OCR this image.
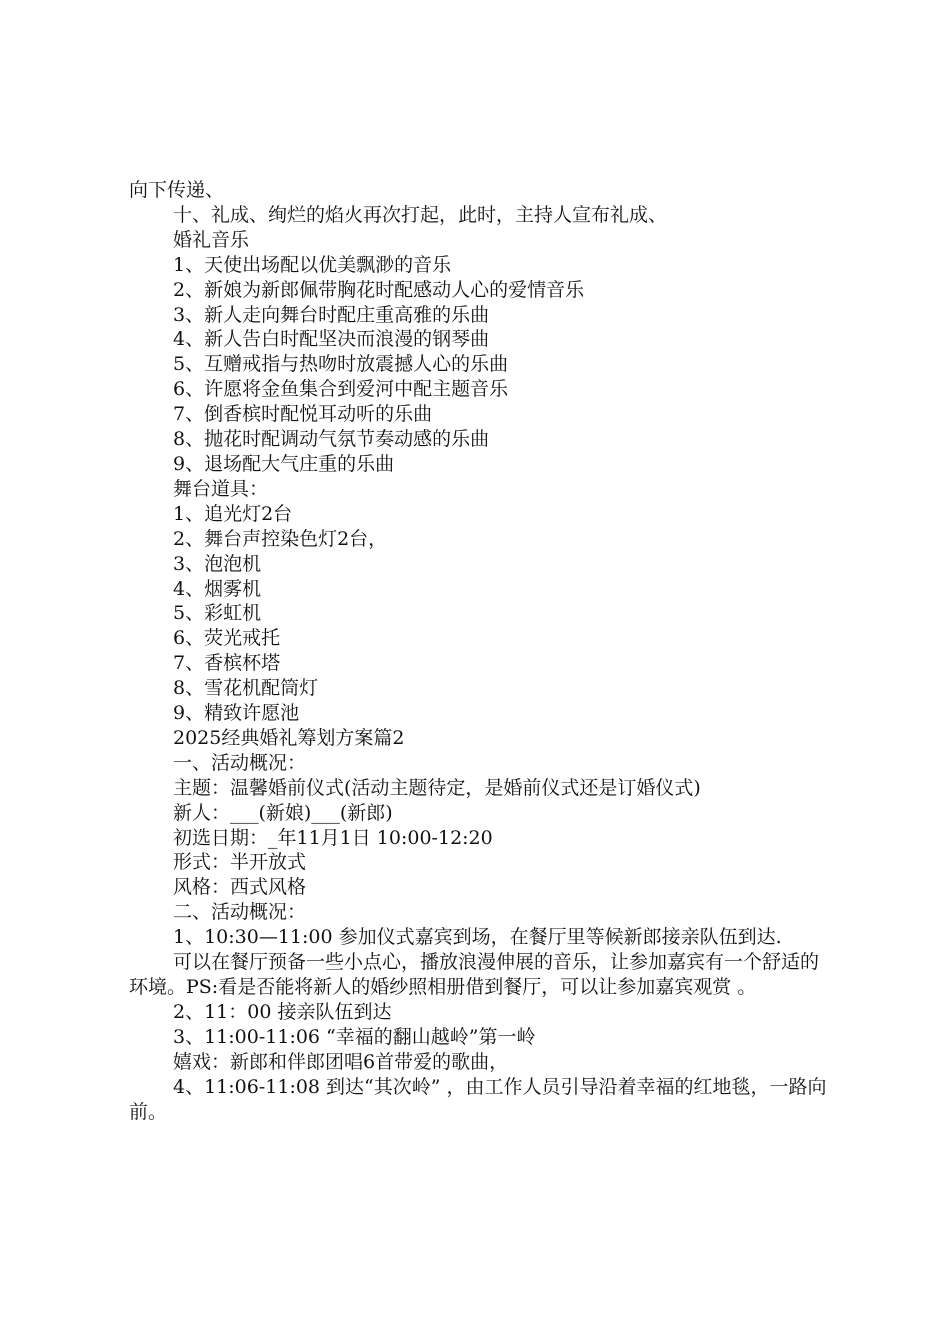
向下传递、

十、礼成、绚烂的焰火再次打起，此时，主持人宣布礼成、

婚礼音乐

1、天使出场配以优美飘渺的音乐

2、新娘为新郎佩带胸花时配感动人心的爱情音乐

3、新人走向舞台时配庄重高雅的乐曲

4、新人告白时配坚决而浪漫的钢琴曲

5、互赠戒指与热吻时放震撼人心的乐曲

6、许愿将金鱼集合到爱河中配主题音乐

7、倒香槟时配悦耳动听的乐曲

8、抛花时配调动气氛节奏动感的乐曲

9、退场配大气庄重的乐曲

舞台道具：

1、追光灯2台

2、舞台声控染色灯2台，

3、泡泡机

4、烟雾机

5、彩虹机

6、荧光戒托

7、香槟杯塔

8、雪花机配筒灯

9、精致许愿池

2025经典婚礼筹划方案篇2

一、活动概况：

主题：温馨婚前仪式(活动主题待定，是婚前仪式还是订婚仪式)

新人：___(新娘)___(新郎)

初选日期：_年11月1日 10:00-12:20

形式：半开放式

风格：西式风格

二、活动概况：

1、10:30—11:00 参加仪式嘉宾到场，在餐厅里等候新郎接亲队伍到达.

可以在餐厅预备一些小点心，播放浪漫伸展的音乐，让参加嘉宾有一个舒适的环境。PS:看是否能将新人的婚纱照相册借到餐厅，可以让参加嘉宾观赏 。

2、11：00 接亲队伍到达

3、11:00-11:06 “幸福的翻山越岭”第一岭

嬉戏：新郎和伴郎团唱6首带爱的歌曲，

4、11:06-11:08 到达“其次岭” ，由工作人员引导沿着幸福的红地毯，一路向前。
